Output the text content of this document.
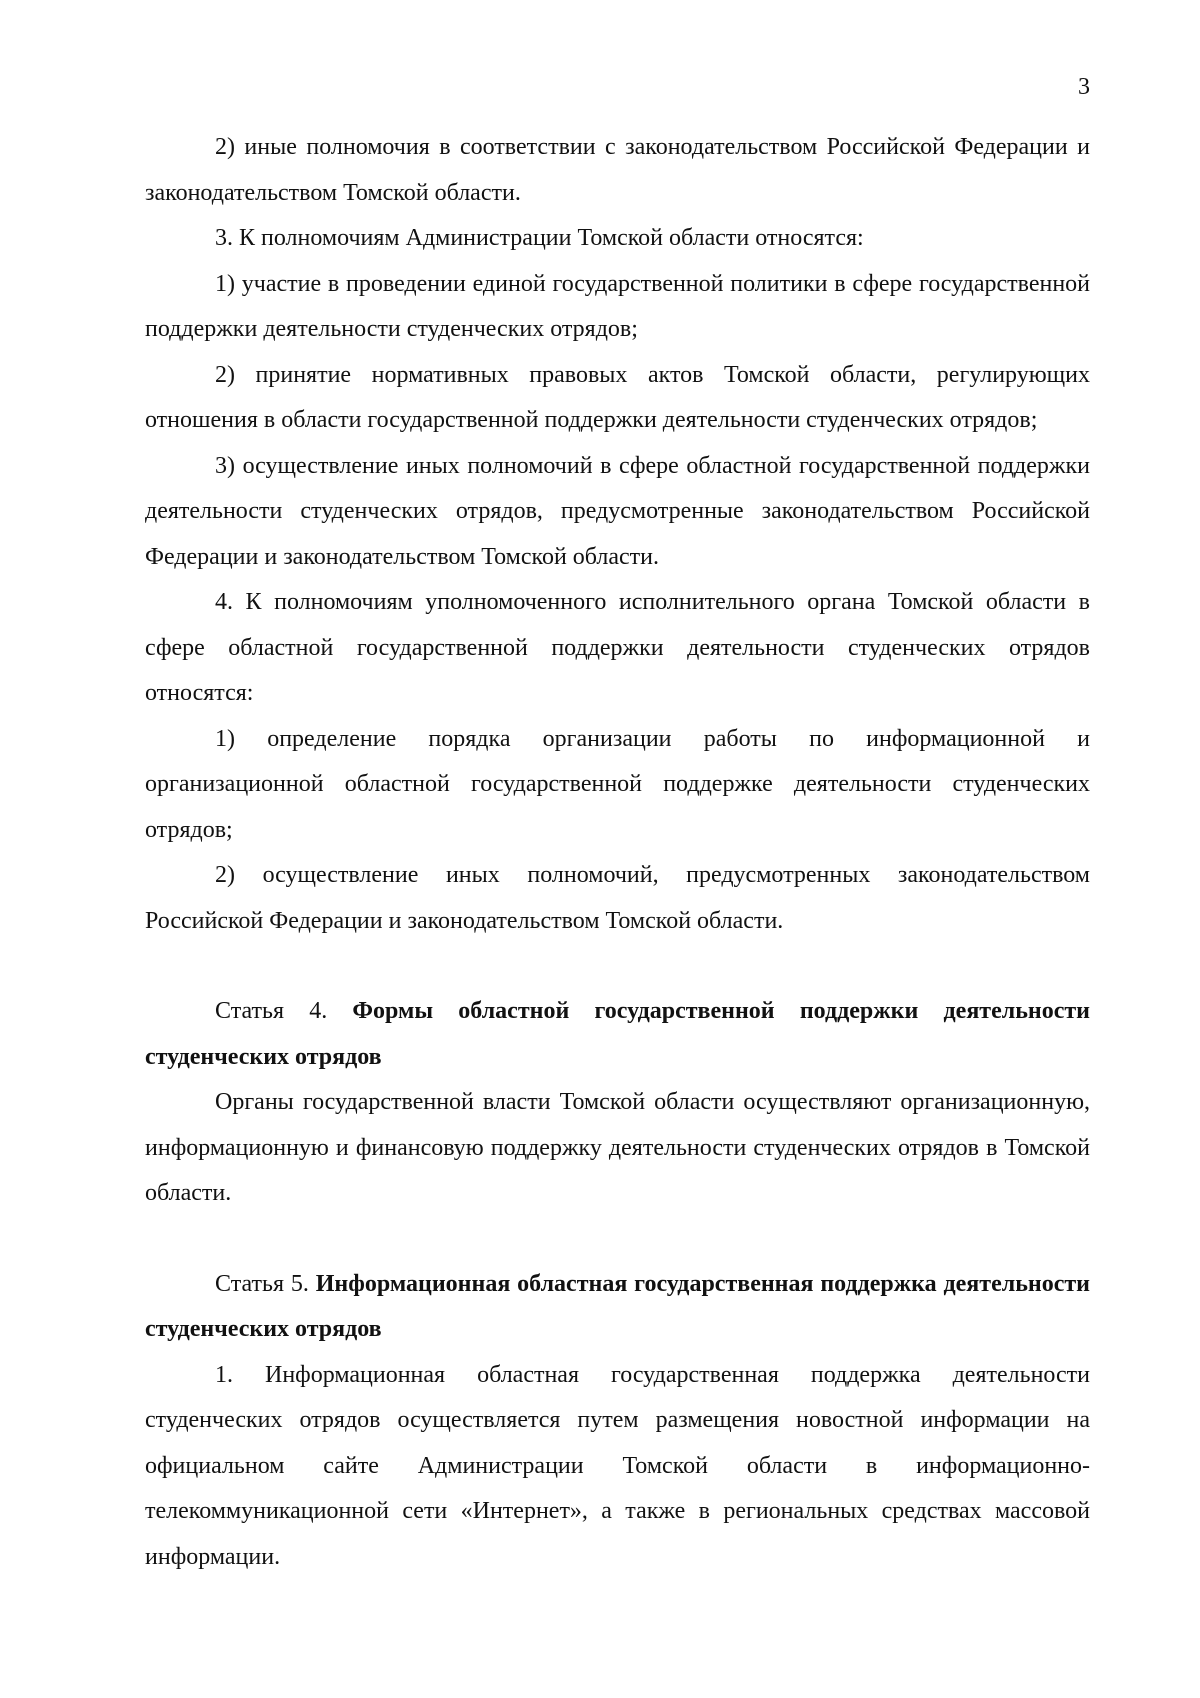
3

2) иные полномочия в соответствии с законодательством Российской Федерации и законодательством Томской области.

3. К полномочиям Администрации Томской области относятся:

1) участие в проведении единой государственной политики в сфере государственной поддержки деятельности студенческих отрядов;

2) принятие нормативных правовых актов Томской области, регулирующих отношения в области государственной поддержки деятельности студенческих отрядов;

3) осуществление иных полномочий в сфере областной государственной поддержки деятельности студенческих отрядов, предусмотренные законодательством Российской Федерации и законодательством Томской области.

4. К полномочиям уполномоченного исполнительного органа Томской области в сфере областной государственной поддержки деятельности студенческих отрядов относятся:

1) определение порядка организации работы по информационной и организационной областной государственной поддержке деятельности студенческих отрядов;

2) осуществление иных полномочий, предусмотренных законодательством Российской Федерации и законодательством Томской области.

Статья 4. Формы областной государственной поддержки деятельности студенческих отрядов

Органы государственной власти Томской области осуществляют организационную, информационную и финансовую поддержку деятельности студенческих отрядов в Томской области.

Статья 5. Информационная областная государственная поддержка деятельности студенческих отрядов

1. Информационная областная государственная поддержка деятельности студенческих отрядов осуществляется путем размещения новостной информации на официальном сайте Администрации Томской области в информационно-телекоммуникационной сети «Интернет», а также в региональных средствах массовой информации.
